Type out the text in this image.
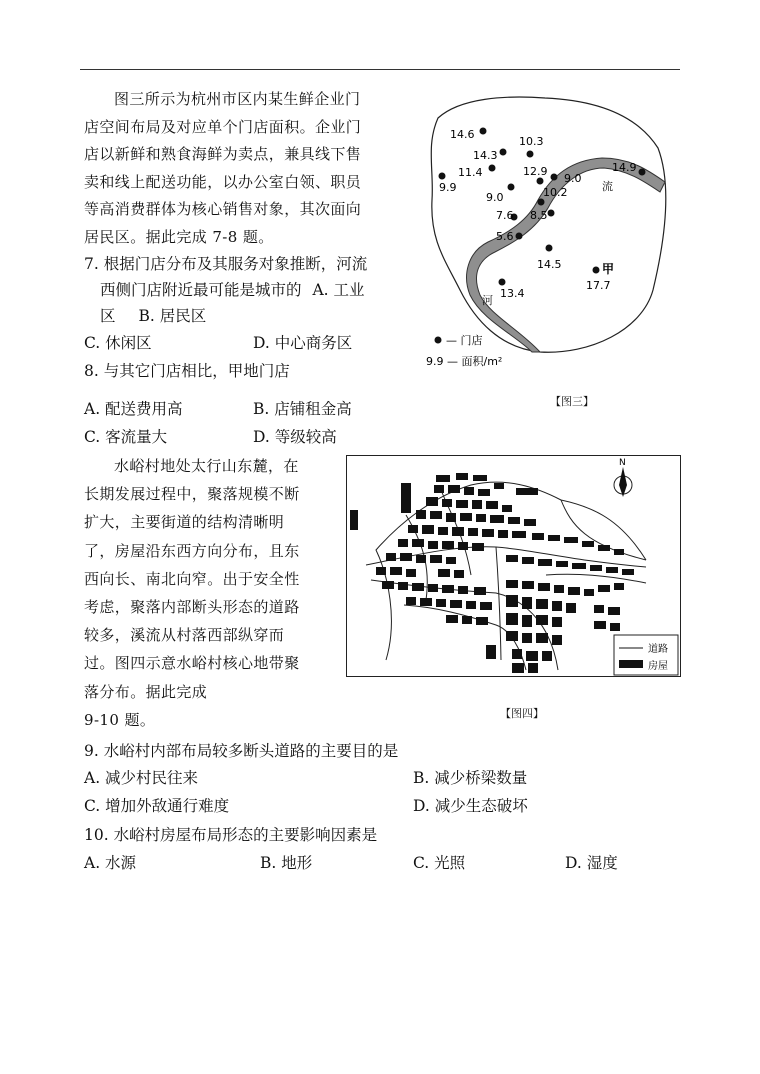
图三所示为杭州市区内某生鲜企业门
店空间布局及对应单个门店面积。企业门
店以新鲜和熟食海鲜为卖点，兼具线下售
卖和线上配送功能，以办公室白领、职员
等高消费群体为核心销售对象，其次面向
居民区。据此完成 7-8 题。
7. 根据门店分布及其服务对象推断，河流
西侧门店附近最可能是城市的 A. 工业
区 B. 居民区
C. 休闲区	D. 中心商务区
8. 与其它门店相比，甲地门店
A. 配送费用高	B. 店铺租金高
C. 客流量大	D. 等级较高
流
河
14.6
10.3
14.3
11.4	12.9
9.0
9.9
9.0	10.2
7.6 8.5
5.6
14.9
14.5
13.4
甲
17.7
— 门店
9.9 — 面积/m²
【图三】
水峪村地处太行山东麓，在
长期发展过程中，聚落规模不断
扩大，主要街道的结构清晰明
了，房屋沿东西方向分布，且东
西向长、南北向窄。出于安全性
考虑，聚落内部断头形态的道路
较多，溪流从村落西部纵穿而
过。图四示意水峪村核心地带聚
落分布。据此完成
9-10 题。
N
道路
房屋
【图四】
9. 水峪村内部布局较多断头道路的主要目的是
A. 减少村民往来	B. 减少桥梁数量
C. 增加外敌通行难度	D. 减少生态破坏
10. 水峪村房屋布局形态的主要影响因素是
A. 水源	B. 地形	C. 光照	D. 湿度
